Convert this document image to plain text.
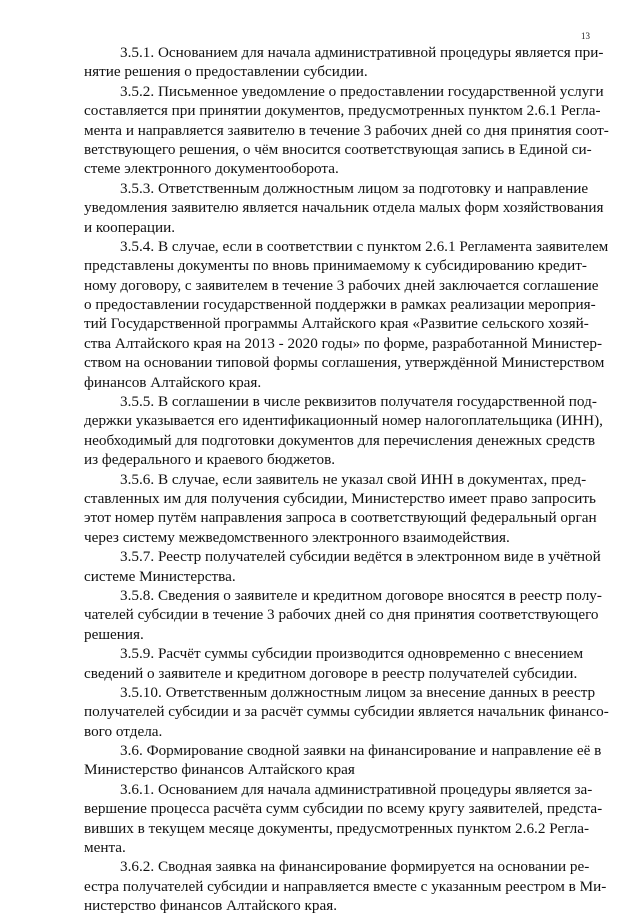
13
3.5.1. Основанием для начала административной процедуры является при-
нятие решения о предоставлении субсидии.
3.5.2. Письменное уведомление о предоставлении государственной услуги
составляется при принятии документов, предусмотренных пунктом 2.6.1 Регла-
мента и направляется заявителю в течение 3 рабочих дней со дня принятия соот-
ветствующего решения, о чём вносится соответствующая запись в Единой си-
стеме электронного документооборота.
3.5.3. Ответственным должностным лицом за подготовку и направление
уведомления заявителю является начальник отдела малых форм хозяйствования
и кооперации.
3.5.4. В случае, если в соответствии с пунктом 2.6.1 Регламента заявителем
представлены документы по вновь принимаемому к субсидированию кредит-
ному договору, с заявителем в течение 3 рабочих дней заключается соглашение
о предоставлении государственной поддержки в рамках реализации мероприя-
тий Государственной программы Алтайского края «Развитие сельского хозяй-
ства Алтайского края на 2013 - 2020 годы» по форме, разработанной Министер-
ством на основании типовой формы соглашения, утверждённой Министерством
финансов Алтайского края.
3.5.5. В соглашении в числе реквизитов получателя государственной под-
держки указывается его идентификационный номер налогоплательщика (ИНН),
необходимый для подготовки документов для перечисления денежных средств
из федерального и краевого бюджетов.
3.5.6. В случае, если заявитель не указал свой ИНН в документах, пред-
ставленных им для получения субсидии, Министерство имеет право запросить
этот номер путём направления запроса в соответствующий федеральный орган
через систему межведомственного электронного взаимодействия.
3.5.7. Реестр получателей субсидии ведётся в электронном виде в учётной
системе Министерства.
3.5.8. Сведения о заявителе и кредитном договоре вносятся в реестр полу-
чателей субсидии в течение 3 рабочих дней со дня принятия соответствующего
решения.
3.5.9. Расчёт суммы субсидии производится одновременно с внесением
сведений о заявителе и кредитном договоре в реестр получателей субсидии.
3.5.10. Ответственным должностным лицом за внесение данных в реестр
получателей субсидии и за расчёт суммы субсидии является начальник финансо-
вого отдела.
3.6. Формирование сводной заявки на финансирование и направление её в
Министерство финансов Алтайского края
3.6.1. Основанием для начала административной процедуры является за-
вершение процесса расчёта сумм субсидии по всему кругу заявителей, предста-
вивших в текущем месяце документы, предусмотренных пунктом 2.6.2 Регла-
мента.
3.6.2. Сводная заявка на финансирование формируется на основании ре-
естра получателей субсидии и направляется вместе с указанным реестром в Ми-
нистерство финансов Алтайского края.
